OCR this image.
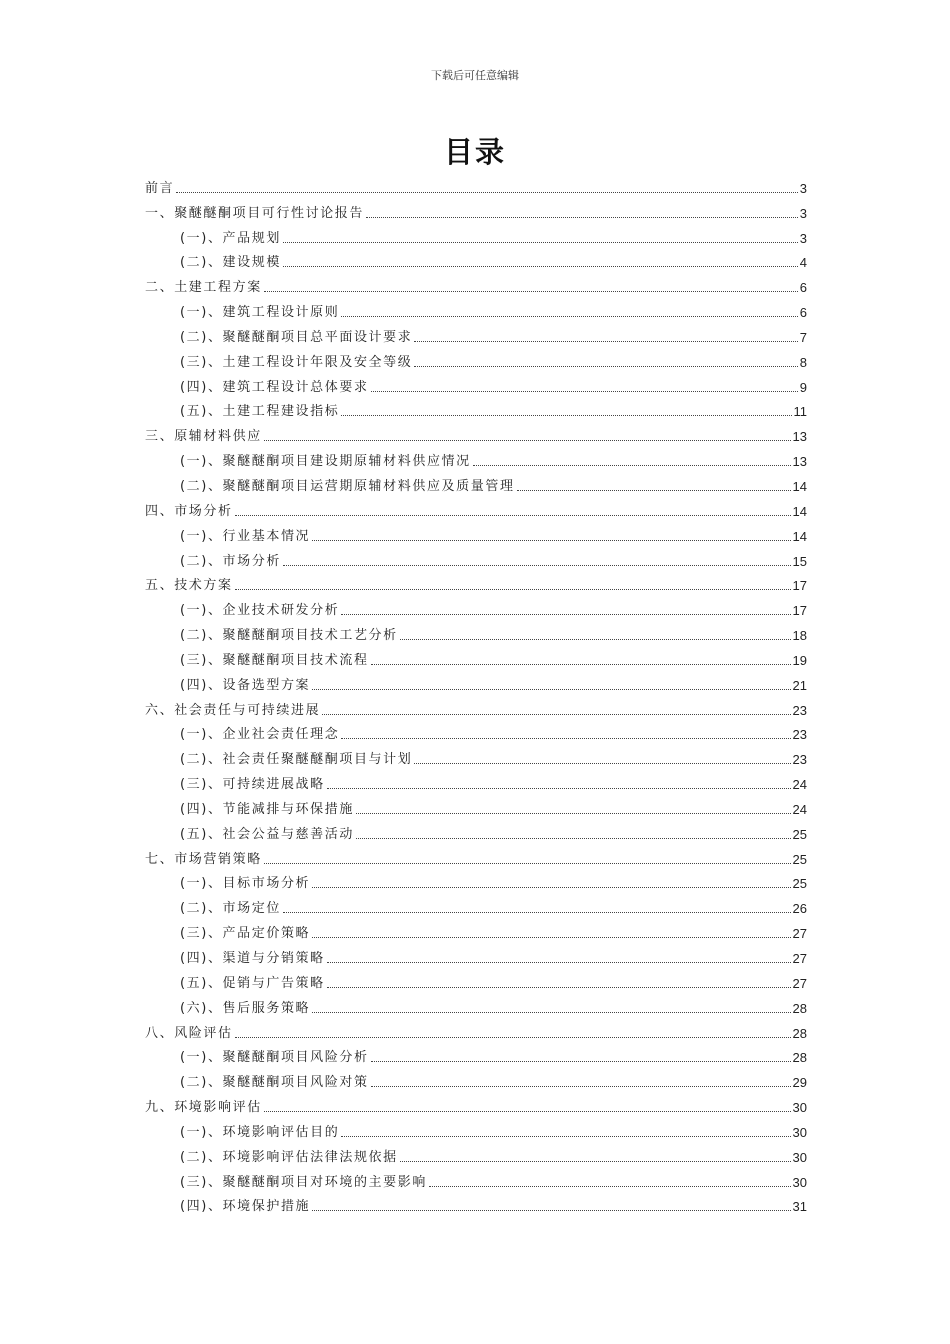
下载后可任意编辑
目录
前言	3
一、聚醚醚酮项目可行性讨论报告	3
(一)、产品规划	3
(二)、建设规模	4
二、土建工程方案	6
(一)、建筑工程设计原则	6
(二)、聚醚醚酮项目总平面设计要求	7
(三)、土建工程设计年限及安全等级	8
(四)、建筑工程设计总体要求	9
(五)、土建工程建设指标	11
三、原辅材料供应	13
(一)、聚醚醚酮项目建设期原辅材料供应情况	13
(二)、聚醚醚酮项目运营期原辅材料供应及质量管理	14
四、市场分析	14
(一)、行业基本情况	14
(二)、市场分析	15
五、技术方案	17
(一)、企业技术研发分析	17
(二)、聚醚醚酮项目技术工艺分析	18
(三)、聚醚醚酮项目技术流程	19
(四)、设备选型方案	21
六、社会责任与可持续进展	23
(一)、企业社会责任理念	23
(二)、社会责任聚醚醚酮项目与计划	23
(三)、可持续进展战略	24
(四)、节能减排与环保措施	24
(五)、社会公益与慈善活动	25
七、市场营销策略	25
(一)、目标市场分析	25
(二)、市场定位	26
(三)、产品定价策略	27
(四)、渠道与分销策略	27
(五)、促销与广告策略	27
(六)、售后服务策略	28
八、风险评估	28
(一)、聚醚醚酮项目风险分析	28
(二)、聚醚醚酮项目风险对策	29
九、环境影响评估	30
(一)、环境影响评估目的	30
(二)、环境影响评估法律法规依据	30
(三)、聚醚醚酮项目对环境的主要影响	30
(四)、环境保护措施	31
